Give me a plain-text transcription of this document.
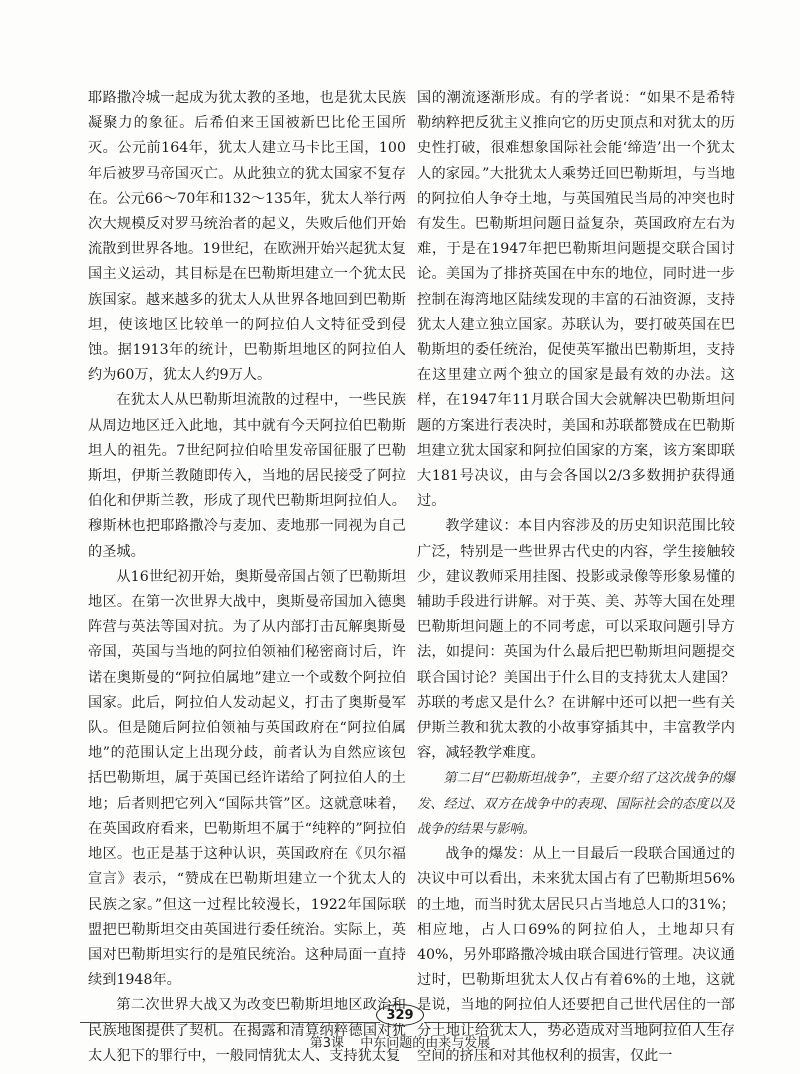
耶路撒冷城一起成为犹太教的圣地，也是犹太民族凝聚力的象征。后希伯来王国被新巴比伦王国所灭。公元前164年，犹太人建立马卡比王国，100年后被罗马帝国灭亡。从此独立的犹太国家不复存在。公元66～70年和132～135年，犹太人举行两次大规模反对罗马统治者的起义，失败后他们开始流散到世界各地。19世纪，在欧洲开始兴起犹太复国主义运动，其目标是在巴勒斯坦建立一个犹太民族国家。越来越多的犹太人从世界各地回到巴勒斯坦，使该地区比较单一的阿拉伯人文特征受到侵蚀。据1913年的统计，巴勒斯坦地区的阿拉伯人约为60万，犹太人约9万人。

在犹太人从巴勒斯坦流散的过程中，一些民族从周边地区迁入此地，其中就有今天阿拉伯巴勒斯坦人的祖先。7世纪阿拉伯哈里发帝国征服了巴勒斯坦，伊斯兰教随即传入，当地的居民接受了阿拉伯化和伊斯兰教，形成了现代巴勒斯坦阿拉伯人。穆斯林也把耶路撒冷与麦加、麦地那一同视为自己的圣城。

从16世纪初开始，奥斯曼帝国占领了巴勒斯坦地区。在第一次世界大战中，奥斯曼帝国加入德奥阵营与英法等国对抗。为了从内部打击瓦解奥斯曼帝国，英国与当地的阿拉伯领袖们秘密商讨后，许诺在奥斯曼的“阿拉伯属地”建立一个或数个阿拉伯国家。此后，阿拉伯人发动起义，打击了奥斯曼军队。但是随后阿拉伯领袖与英国政府在“阿拉伯属地”的范围认定上出现分歧，前者认为自然应该包括巴勒斯坦，属于英国已经许诺给了阿拉伯人的土地；后者则把它列入“国际共管”区。这就意味着，在英国政府看来，巴勒斯坦不属于“纯粹的”阿拉伯地区。也正是基于这种认识，英国政府在《贝尔福宣言》表示，“赞成在巴勒斯坦建立一个犹太人的民族之家。”但这一过程比较漫长，1922年国际联盟把巴勒斯坦交由英国进行委任统治。实际上，英国对巴勒斯坦实行的是殖民统治。这种局面一直持续到1948年。

第二次世界大战又为改变巴勒斯坦地区政治和民族地图提供了契机。在揭露和清算纳粹德国对犹太人犯下的罪行中，一般同情犹太人、支持犹太复

国的潮流逐渐形成。有的学者说：“如果不是希特勒纳粹把反犹主义推向它的历史顶点和对犹太的历史性打破，很难想象国际社会能‘缔造’出一个犹太人的家园。”大批犹太人乘势迁回巴勒斯坦，与当地的阿拉伯人争夺土地，与英国殖民当局的冲突也时有发生。巴勒斯坦问题日益复杂，英国政府左右为难，于是在1947年把巴勒斯坦问题提交联合国讨论。美国为了排挤英国在中东的地位，同时进一步控制在海湾地区陆续发现的丰富的石油资源，支持犹太人建立独立国家。苏联认为，要打破英国在巴勒斯坦的委任统治，促使英军撤出巴勒斯坦，支持在这里建立两个独立的国家是最有效的办法。这样，在1947年11月联合国大会就解决巴勒斯坦问题的方案进行表决时，美国和苏联都赞成在巴勒斯坦建立犹太国家和阿拉伯国家的方案，该方案即联大181号决议，由与会各国以2/3多数拥护获得通过。

教学建议：本目内容涉及的历史知识范围比较广泛，特别是一些世界古代史的内容，学生接触较少，建议教师采用挂图、投影或录像等形象易懂的辅助手段进行讲解。对于英、美、苏等大国在处理巴勒斯坦问题上的不同考虑，可以采取问题引导方法，如提问：英国为什么最后把巴勒斯坦问题提交联合国讨论？美国出于什么目的支持犹太人建国？苏联的考虑又是什么？在讲解中还可以把一些有关伊斯兰教和犹太教的小故事穿插其中，丰富教学内容，减轻教学难度。

第二目“巴勒斯坦战争”，主要介绍了这次战争的爆发、经过、双方在战争中的表现、国际社会的态度以及战争的结果与影响。

战争的爆发：从上一目最后一段联合国通过的决议中可以看出，未来犹太国占有了巴勒斯坦56%的土地，而当时犹太居民只占当地总人口的31%；相应地，占人口69%的阿拉伯人，土地却只有40%，另外耶路撒冷城由联合国进行管理。决议通过时，巴勒斯坦犹太人仅占有着6%的土地，这就是说，当地的阿拉伯人还要把自己世代居住的一部分土地让给犹太人，势必造成对当地阿拉伯人生存空间的挤压和对其他权利的损害，仅此一

329
第3课 中东问题的由来与发展
